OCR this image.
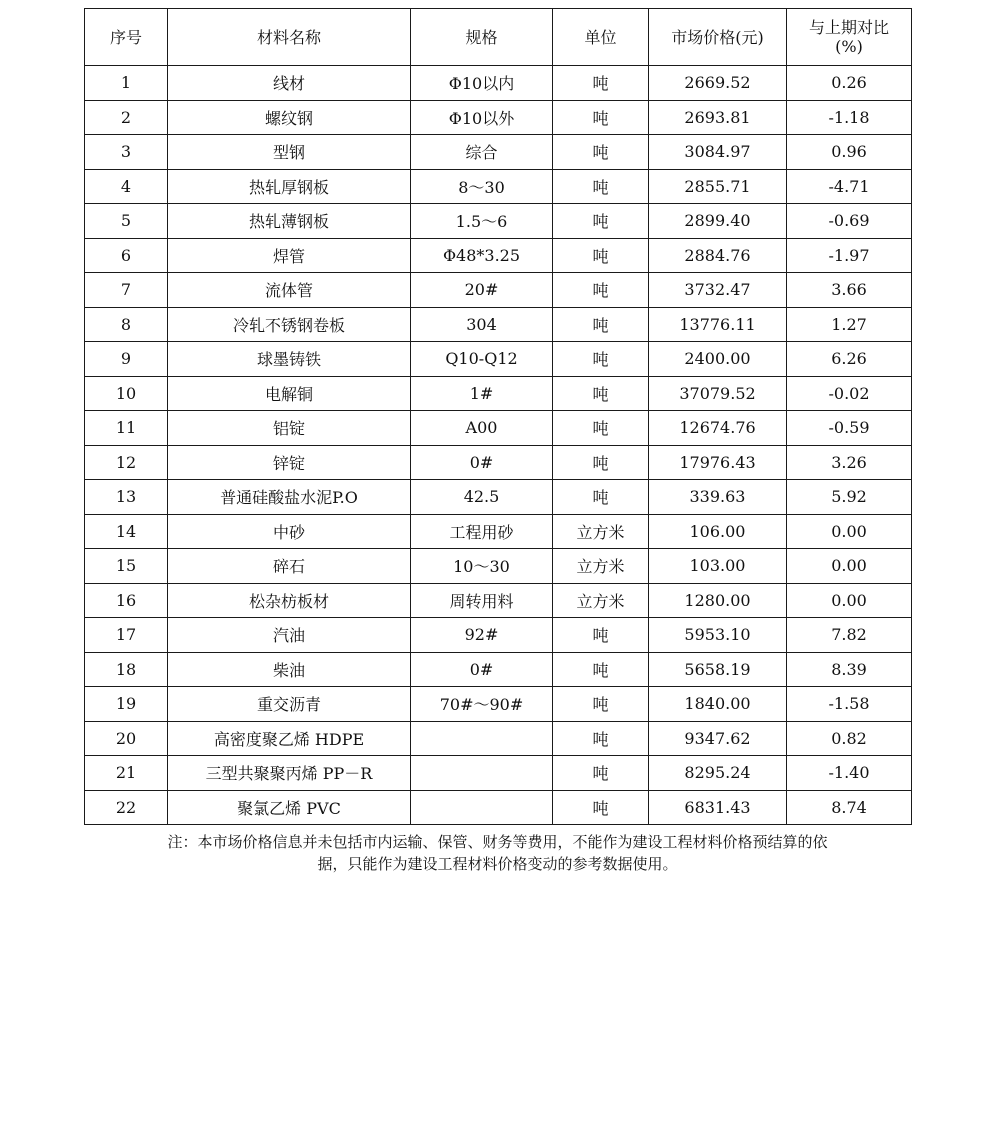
序号	材料名称	规格	单位	市场价格(元)	与上期对比
(%)
1	线材	Φ10以内	吨	2669.52	0.26
2	螺纹钢	Φ10以外	吨	2693.81	-1.18
3	型钢	综合	吨	3084.97	0.96
4	热轧厚钢板	8～30	吨	2855.71	-4.71
5	热轧薄钢板	1.5～6	吨	2899.40	-0.69
6	焊管	Φ48*3.25	吨	2884.76	-1.97
7	流体管	20#	吨	3732.47	3.66
8	冷轧不锈钢卷板	304	吨	13776.11	1.27
9	球墨铸铁	Q10-Q12	吨	2400.00	6.26
10	电解铜	1#	吨	37079.52	-0.02
11	铝锭	A00	吨	12674.76	-0.59
12	锌锭	0#	吨	17976.43	3.26
13	普通硅酸盐水泥P.O	42.5	吨	339.63	5.92
14	中砂	工程用砂	立方米	106.00	0.00
15	碎石	10～30	立方米	103.00	0.00
16	松杂枋板材	周转用料	立方米	1280.00	0.00
17	汽油	92#	吨	5953.10	7.82
18	柴油	0#	吨	5658.19	8.39
19	重交沥青	70#～90#	吨	1840.00	-1.58
20	高密度聚乙烯 HDPE		吨	9347.62	0.82
21	三型共聚聚丙烯 PP－R		吨	8295.24	-1.40
22	聚氯乙烯 PVC		吨	6831.43	8.74
注：本市场价格信息并未包括市内运输、保管、财务等费用，不能作为建设工程材料价格预结算的依
据，只能作为建设工程材料价格变动的参考数据使用。
